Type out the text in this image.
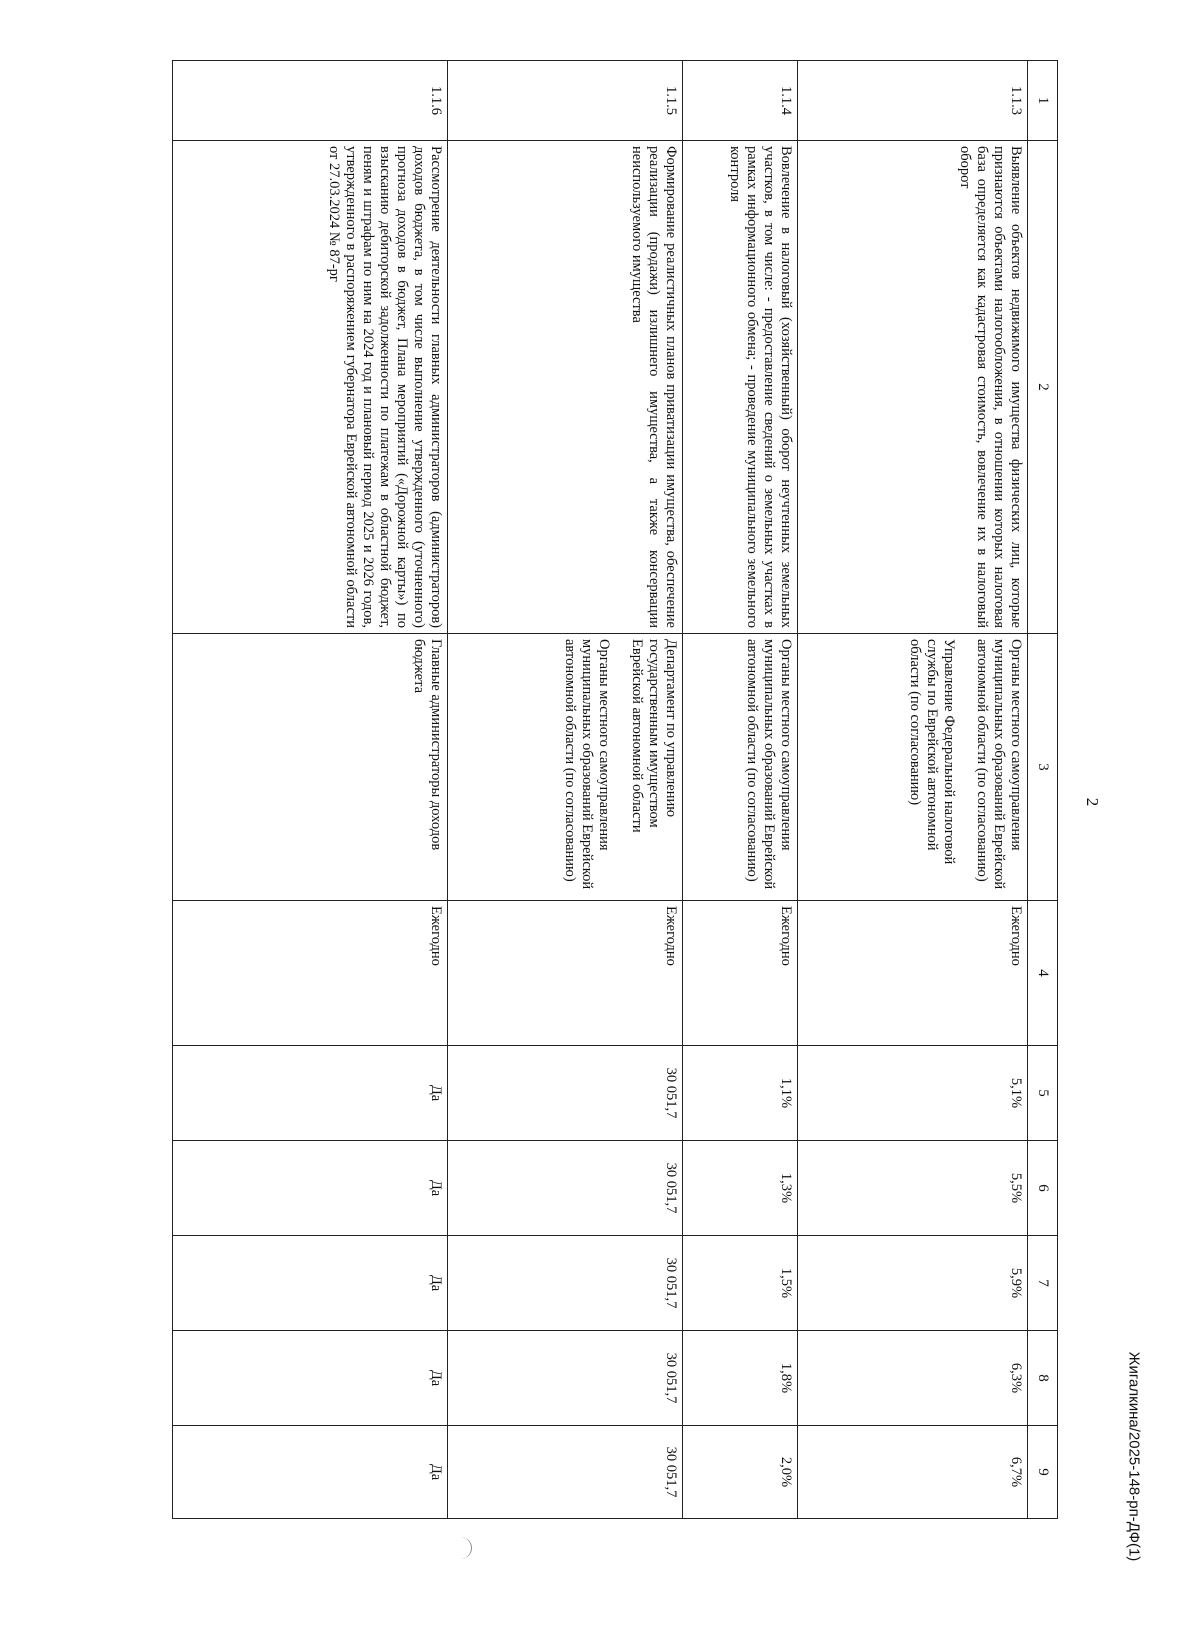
2
Жигалкина/2025-148-рп-ДФ(1)
1	2	3	4	5	6	7	8	9
1.1.3	Выявление объектов недвижимого имущества физических лиц, которые признаются объектами налогообложения, в отношении которых налоговая база определяется как кадастровая стоимость, вовлечение их в налоговый оборот	Органы местного самоуправления муниципальных образований Еврейской автономной области (по согласованию)
Управление Федеральной налоговой службы по Еврейской автономной области (по согласованию)	Ежегодно	5,1%	5,5%	5,9%	6,3%	6,7%
1.1.4	Вовлечение в налоговый (хозяйственный) оборот неучтенных земельных участков, в том числе: - предоставление сведений о земельных участках в рамках информационного обмена; - проведение муниципального земельного контроля	Органы местного самоуправления муниципальных образований Еврейской автономной области (по согласованию)	Ежегодно	1,1%	1,3%	1,5%	1,8%	2,0%
1.1.5	Формирование реалистичных планов приватизации имущества, обеспечение реализации (продажи) излишнего имущества, а также консервации неиспользуемого имущества	Департамент по управлению государственным имуществом Еврейской автономной области
Органы местного самоуправления муниципальных образований Еврейской автономной области (по согласованию)	Ежегодно	30 051,7	30 051,7	30 051,7	30 051,7	30 051,7
1.1.6	Рассмотрение деятельности главных администраторов (администраторов) доходов бюджета, в том числе выполнение утвержденного (уточненного) прогноза доходов в бюджет, Плана мероприятий («Дорожной карты») по взысканию дебиторской задолженности по платежам в областной бюджет, пеням и штрафам по ним на 2024 год и плановый период 2025 и 2026 годов, утвержденного в распоряжением губернатора Еврейской автономной области от 27.03.2024 № 87-рг	Главные администраторы доходов бюджета	Ежегодно	Да	Да	Да	Да	Да
